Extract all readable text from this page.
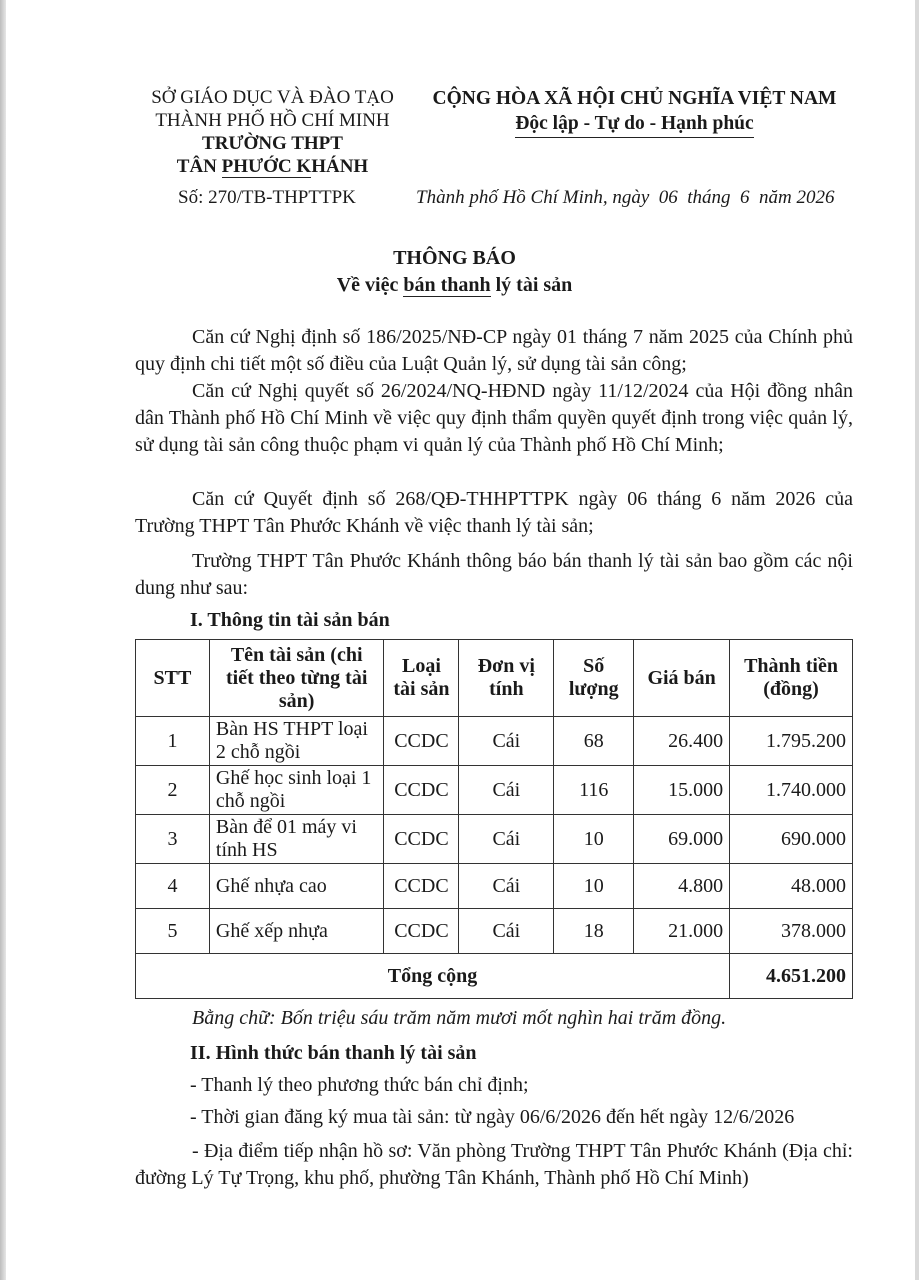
SỞ GIÁO DỤC VÀ ĐÀO TẠO
THÀNH PHỐ HỒ CHÍ MINH
TRƯỜNG THPT
TÂN PHƯỚC KHÁNH
CỘNG HÒA XÃ HỘI CHỦ NGHĨA VIỆT NAM
Độc lập - Tự do - Hạnh phúc
Số: 270/TB-THPTTPK	Thành phố Hồ Chí Minh, ngày  06  tháng  6  năm 2026
THÔNG BÁO
Về việc bán thanh lý tài sản
Căn cứ Nghị định số 186/2025/NĐ-CP ngày 01 tháng 7 năm 2025 của Chính phủ quy định chi tiết một số điều của Luật Quản lý, sử dụng tài sản công;
Căn cứ Nghị quyết số 26/2024/NQ-HĐND ngày 11/12/2024 của Hội đồng nhân dân Thành phố Hồ Chí Minh về việc quy định thẩm quyền quyết định trong việc quản lý, sử dụng tài sản công thuộc phạm vi quản lý của Thành phố Hồ Chí Minh;
Căn cứ Quyết định số 268/QĐ-THHPTTPK ngày 06 tháng 6 năm 2026 của Trường THPT Tân Phước Khánh về việc thanh lý tài sản;
Trường THPT Tân Phước Khánh thông báo bán thanh lý tài sản bao gồm các nội dung như sau:
I. Thông tin tài sản bán
STT	Tên tài sản (chi tiết theo từng tài sản)	Loại tài sản	Đơn vị tính	Số lượng	Giá bán	Thành tiền (đồng)
1	Bàn HS THPT loại 2 chỗ ngồi	CCDC	Cái	68	26.400	1.795.200
2	Ghế học sinh loại 1 chỗ ngồi	CCDC	Cái	116	15.000	1.740.000
3	Bàn để 01 máy vi tính HS	CCDC	Cái	10	69.000	690.000
4	Ghế nhựa cao	CCDC	Cái	10	4.800	48.000
5	Ghế xếp nhựa	CCDC	Cái	18	21.000	378.000
Tổng cộng						4.651.200
Bằng chữ: Bốn triệu sáu trăm năm mươi mốt nghìn hai trăm đồng.
II. Hình thức bán thanh lý tài sản
- Thanh lý theo phương thức bán chỉ định;
- Thời gian đăng ký mua tài sản: từ ngày 06/6/2026 đến hết ngày 12/6/2026
- Địa điểm tiếp nhận hồ sơ: Văn phòng Trường THPT Tân Phước Khánh (Địa chỉ: đường Lý Tự Trọng, khu phố, phường Tân Khánh, Thành phố Hồ Chí Minh)
